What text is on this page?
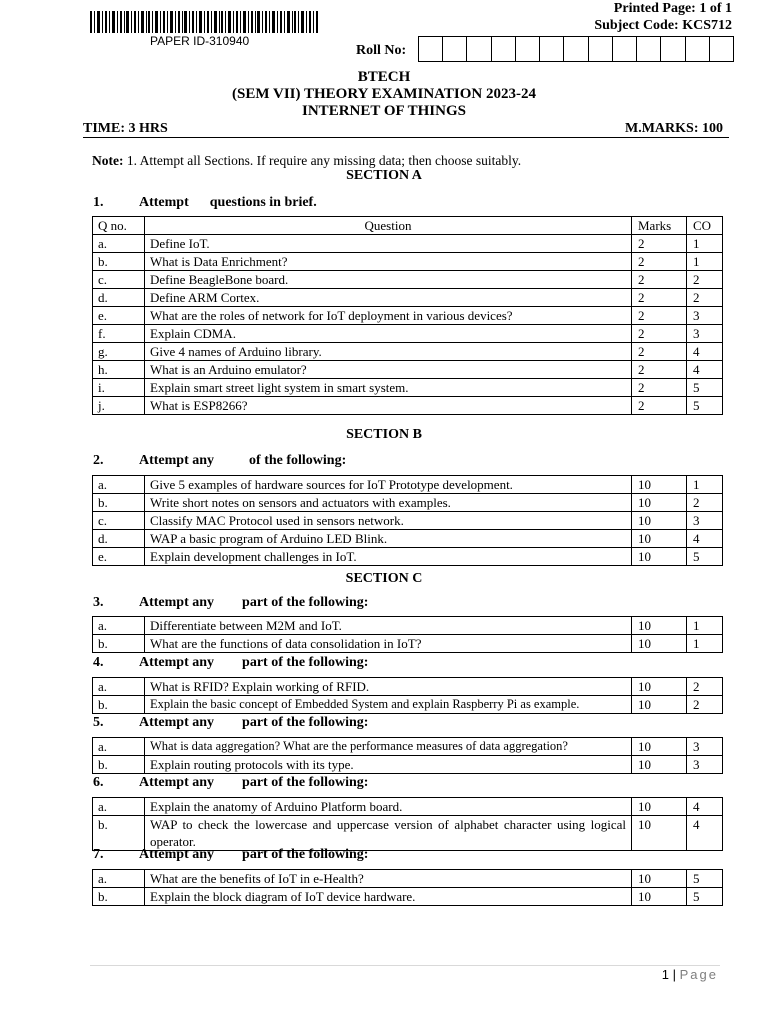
PAPER ID-310940
Printed Page: 1 of 1
Subject Code: KCS712
Roll No:
BTECH
(SEM VII) THEORY EXAMINATION 2023-24
INTERNET OF THINGS
TIME: 3 HRS	M.MARKS: 100
Note: 1. Attempt all Sections. If require any missing data; then choose suitably.
SECTION A
1.	Attempt      questions in brief.
Q no.	Question	Marks	CO
a.	Define IoT.	2	1
b.	What is Data Enrichment?	2	1
c.	Define BeagleBone board.	2	2
d.	Define ARM Cortex.	2	2
e.	What are the roles of network for IoT deployment in various devices?	2	3
f.	Explain CDMA.	2	3
g.	Give 4 names of Arduino library.	2	4
h.	What is an Arduino emulator?	2	4
i.	Explain smart street light system in smart system.	2	5
j.	What is ESP8266?	2	5
SECTION B
2.	Attempt any          of the following:
a.	Give 5 examples of hardware sources for IoT Prototype development.	10	1
b.	Write short notes on sensors and actuators with examples.	10	2
c.	Classify MAC Protocol used in sensors network.	10	3
d.	WAP a basic program of Arduino LED Blink.	10	4
e.	Explain development challenges in IoT.	10	5
SECTION C
3.	Attempt any        part of the following:
a.	Differentiate between M2M and IoT.	10	1
b.	What are the functions of data consolidation in IoT?	10	1
4.	Attempt any        part of the following:
a.	What is RFID? Explain working of RFID.	10	2
b.	Explain the basic concept of Embedded System and explain Raspberry Pi as example.	10	2
5.	Attempt any        part of the following:
a.	What is data aggregation? What are the performance measures of data aggregation?	10	3
b.	Explain routing protocols with its type.	10	3
6.	Attempt any        part of the following:
a.	Explain the anatomy of Arduino Platform board.	10	4
b.	WAP to check the lowercase and uppercase version of alphabet character using logical operator.	10	4
7.	Attempt any        part of the following:
a.	What are the benefits of IoT in e-Health?	10	5
b.	Explain the block diagram of IoT device hardware.	10	5
1 | Page
